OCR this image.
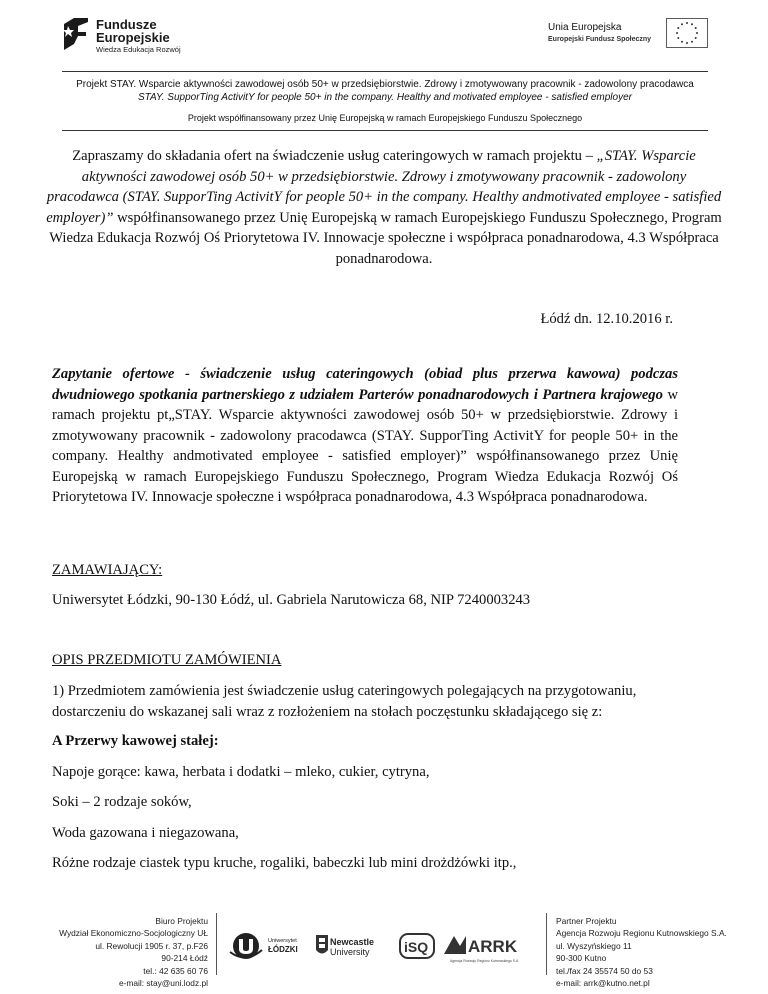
Fundusze
Europejskie
Wiedza Edukacja Rozwój
Unia Europejska
Europejski Fundusz Społeczny
Projekt STAY. Wsparcie aktywności zawodowej osób 50+ w przedsiębiorstwie. Zdrowy i zmotywowany pracownik - zadowolony pracodawca
STAY. SupporTing ActivitY for people 50+ in the company. Healthy and motivated employee - satisfied employer
Projekt współfinansowany przez Unię Europejską w ramach Europejskiego Funduszu Społecznego
Zapraszamy do składania ofert na świadczenie usług cateringowych w ramach projektu – „STAY. Wsparcie aktywności zawodowej osób 50+ w przedsiębiorstwie. Zdrowy i zmotywowany pracownik - zadowolony pracodawca (STAY. SupporTing ActivitY for people 50+ in the company. Healthy andmotivated employee - satisfied employer)” współfinansowanego przez Unię Europejską w ramach Europejskiego Funduszu Społecznego, Program Wiedza Edukacja Rozwój Oś Priorytetowa IV. Innowacje społeczne i współpraca ponadnarodowa, 4.3 Współpraca ponadnarodowa.
Łódź dn. 12.10.2016 r.
Zapytanie ofertowe - świadczenie usług cateringowych (obiad plus przerwa kawowa) podczas dwudniowego spotkania partnerskiego z udziałem Parterów ponadnarodowych i Partnera krajowego w ramach projektu pt„STAY. Wsparcie aktywności zawodowej osób 50+ w przedsiębiorstwie. Zdrowy i zmotywowany pracownik - zadowolony pracodawca (STAY. SupporTing ActivitY for people 50+ in the company. Healthy andmotivated employee - satisfied employer)” współfinansowanego przez Unię Europejską w ramach Europejskiego Funduszu Społecznego, Program Wiedza Edukacja Rozwój Oś Priorytetowa IV. Innowacje społeczne i współpraca ponadnarodowa, 4.3 Współpraca ponadnarodowa.
ZAMAWIAJĄCY:
Uniwersytet Łódzki, 90-130 Łódź, ul. Gabriela Narutowicza 68, NIP 7240003243
OPIS PRZEDMIOTU ZAMÓWIENIA
1) Przedmiotem zamówienia jest świadczenie usług cateringowych polegających na przygotowaniu, dostarczeniu do wskazanej sali wraz z rozłożeniem na stołach poczęstunku składającego się z:
A Przerwy kawowej stałej:
Napoje gorące: kawa, herbata i dodatki – mleko, cukier, cytryna,
Soki – 2 rodzaje soków,
Woda gazowana i niegazowana,
Różne rodzaje ciastek typu kruche, rogaliki, babeczki lub mini drożdżówki itp.,
Biuro Projektu
Wydział Ekonomiczno-Socjologiczny UŁ
ul. Rewolucji 1905 r. 37, p.F26
90-214 Łódź
tel.: 42 635 60 76
e-mail: stay@uni.lodz.pl
Uniwersytet
ŁÓDZKI
Newcastle
University iSQ ARRK
Agencja Rozwoju Regionu Kutnowskiego S.A.
Partner Projektu
Agencja Rozwoju Regionu Kutnowskiego S.A.
ul. Wyszyńskiego 11
90-300 Kutno
tel./fax 24 35574 50 do 53
e-mail: arrk@kutno.net.pl
